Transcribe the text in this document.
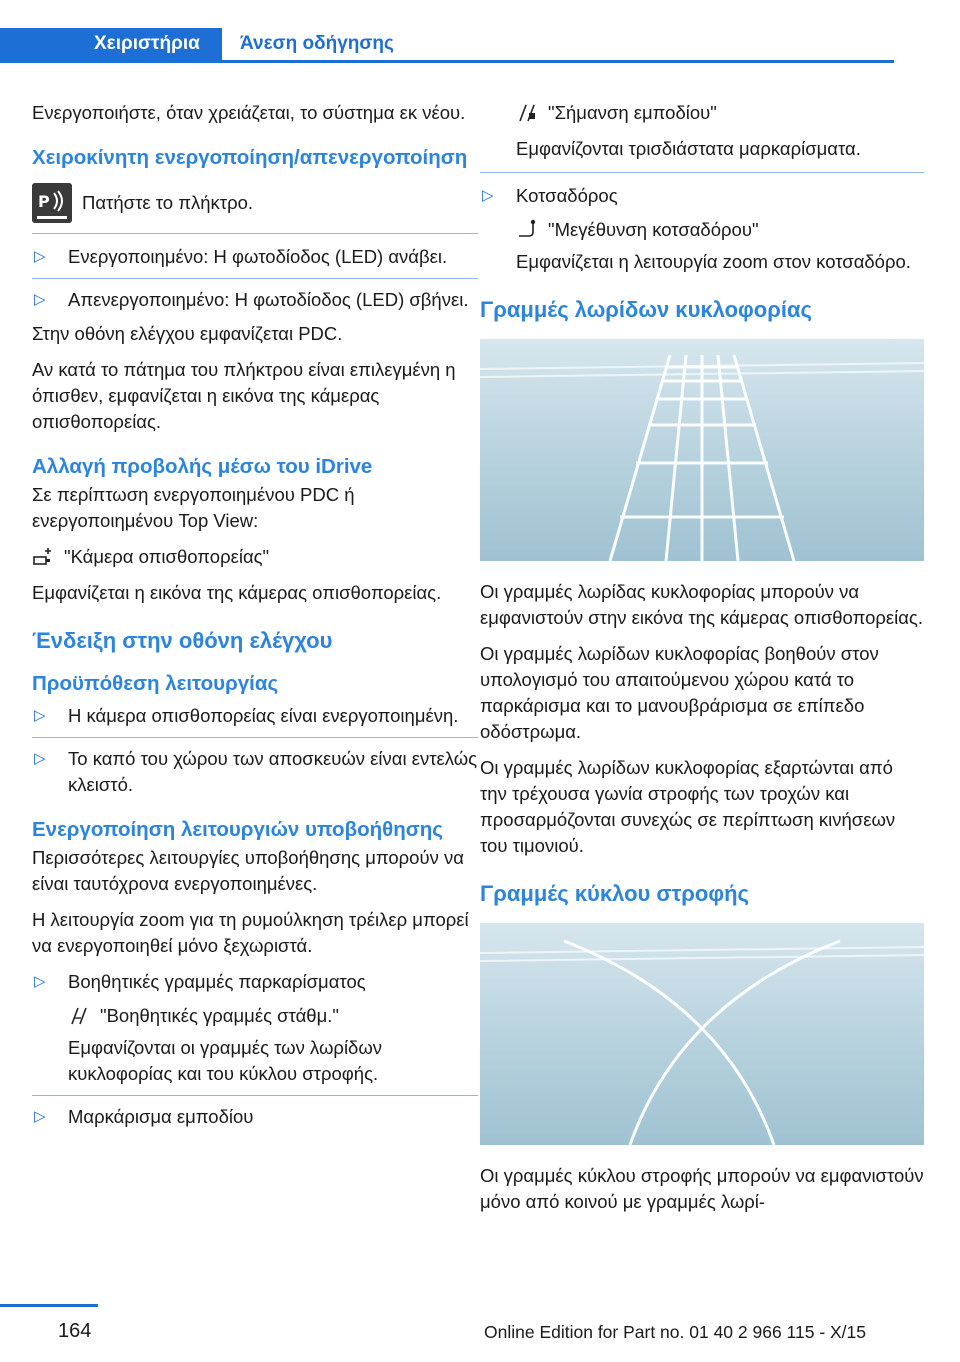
Χειριστήρια	Άνεση οδήγησης

Ενεργοποιήστε, όταν χρειάζεται, το σύστημα εκ νέου.

Χειροκίνητη ενεργοποίηση/απενεργοποίηση
P Πατήστε το πλήκτρο.
▷ Ενεργοποιημένο: Η φωτοδίοδος (LED) ανάβει.
▷ Απενεργοποιημένο: Η φωτοδίοδος (LED) σβήνει.

Στην οθόνη ελέγχου εμφανίζεται PDC.

Αν κατά το πάτημα του πλήκτρου είναι επιλεγμένη η όπισθεν, εμφανίζεται η εικόνα της κάμερας οπισθοπορείας.

Αλλαγή προβολής μέσω του iDrive

Σε περίπτωση ενεργοποιημένου PDC ή ενεργοποιημένου Top View:

"Κάμερα οπισθοπορείας"

Εμφανίζεται η εικόνα της κάμερας οπισθοπορείας.

Ένδειξη στην οθόνη ελέγχου
Προϋπόθεση λειτουργίας
▷ Η κάμερα οπισθοπορείας είναι ενεργοποιημένη.
▷ Το καπό του χώρου των αποσκευών είναι εντελώς κλειστό.
Ενεργοποίηση λειτουργιών υποβοήθησης

Περισσότερες λειτουργίες υποβοήθησης μπορούν να είναι ταυτόχρονα ενεργοποιημένες.

Η λειτουργία zoom για τη ρυμούλκηση τρέιλερ μπορεί να ενεργοποιηθεί μόνο ξεχωριστά.

▷ Βοηθητικές γραμμές παρκαρίσματος
"Βοηθητικές γραμμές στάθμ."
Εμφανίζονται οι γραμμές των λωρίδων κυκλοφορίας και του κύκλου στροφής.
▷ Μαρκάρισμα εμποδίου
"Σήμανση εμποδίου"

Εμφανίζονται τρισδιάστατα μαρκαρίσματα.

▷ Κοτσαδόρος
"Μεγέθυνση κοτσαδόρου"
Εμφανίζεται η λειτουργία zoom στον κοτσαδόρο.
Γραμμές λωρίδων κυκλοφορίας

Οι γραμμές λωρίδας κυκλοφορίας μπορούν να εμφανιστούν στην εικόνα της κάμερας οπισθοπορείας.

Οι γραμμές λωρίδων κυκλοφορίας βοηθούν στον υπολογισμό του απαιτούμενου χώρου κατά το παρκάρισμα και το μανουβράρισμα σε επίπεδο οδόστρωμα.

Οι γραμμές λωρίδων κυκλοφορίας εξαρτώνται από την τρέχουσα γωνία στροφής των τροχών και προσαρμόζονται συνεχώς σε περίπτωση κινήσεων του τιμονιού.

Γραμμές κύκλου στροφής

Οι γραμμές κύκλου στροφής μπορούν να εμφανιστούν μόνο από κοινού με γραμμές λωρί-

164	Online Edition for Part no. 01 40 2 966 115 - X/15
